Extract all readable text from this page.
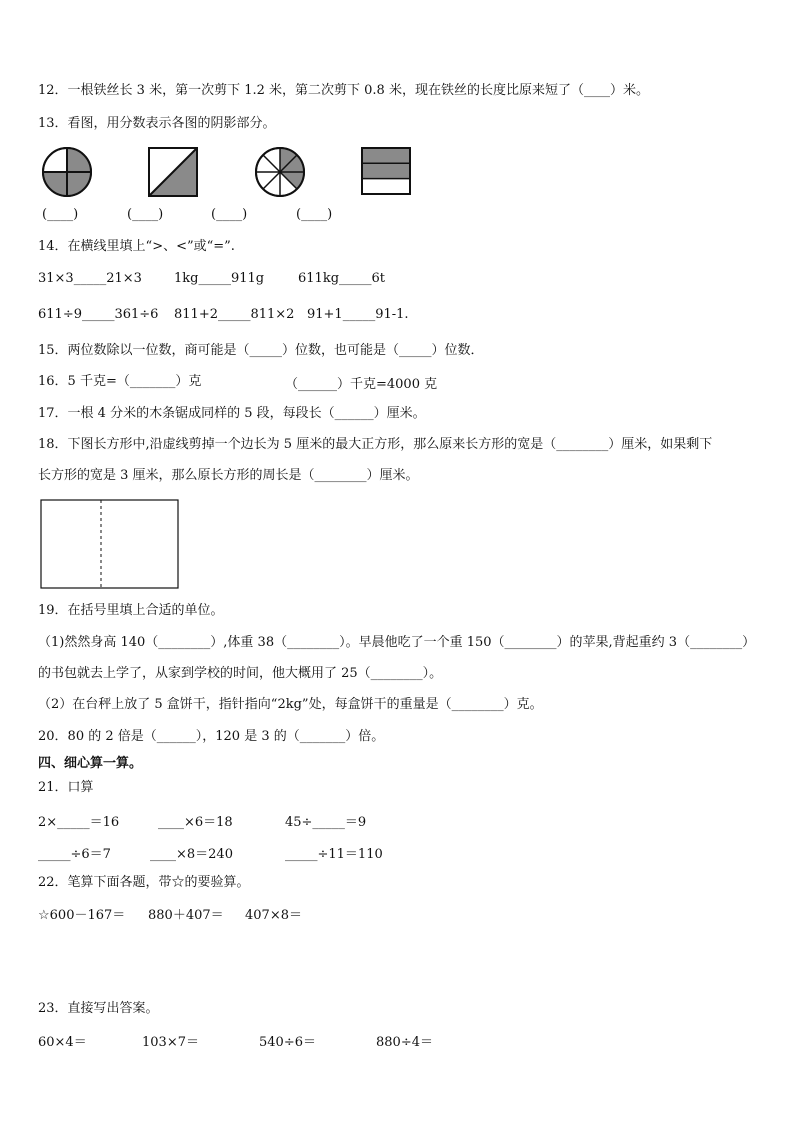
12．一根铁丝长 3 米，第一次剪下 1.2 米，第二次剪下 0.8 米，现在铁丝的长度比原来短了（____）米。
13．看图，用分数表示各图的阴影部分。
(____)	(____)	(____)	(____)
14．在横线里填上“>、<”或“=”.
31×3_____21×3 1kg_____911g	611kg_____6t
611÷9_____361÷6 811+2_____811×2 91+1_____91-1.
15．两位数除以一位数，商可能是（_____）位数，也可能是（_____）位数．
16．5 千克=（_______）克	（______）千克=4000 克
17．一根 4 分米的木条锯成同样的 5 段，每段长（______）厘米。
18．下图长方形中,沿虚线剪掉一个边长为 5 厘米的最大正方形，那么原来长方形的宽是（________）厘米，如果剩下
长方形的宽是 3 厘米，那么原长方形的周长是（________）厘米。
19．在括号里填上合适的单位。
（1)然然身高 140（________）,体重 38（________）。早晨他吃了一个重 150（________）的苹果,背起重约 3（________）
的书包就去上学了，从家到学校的时间，他大概用了 25（________）。
（2）在台秤上放了 5 盒饼干，指针指向“2kg”处，每盒饼干的重量是（________）克。
20．80 的 2 倍是（______），120 是 3 的（_______）倍。
四、细心算一算。
21．口算
2×_____＝16	____×6＝18	45÷_____＝9
_____÷6＝7	____×8＝240	_____÷11＝110
22．笔算下面各题，带☆的要验算。
☆600－167＝ 880＋407＝ 407×8＝
23．直接写出答案。
60×4＝	103×7＝	540÷6＝	880÷4＝
